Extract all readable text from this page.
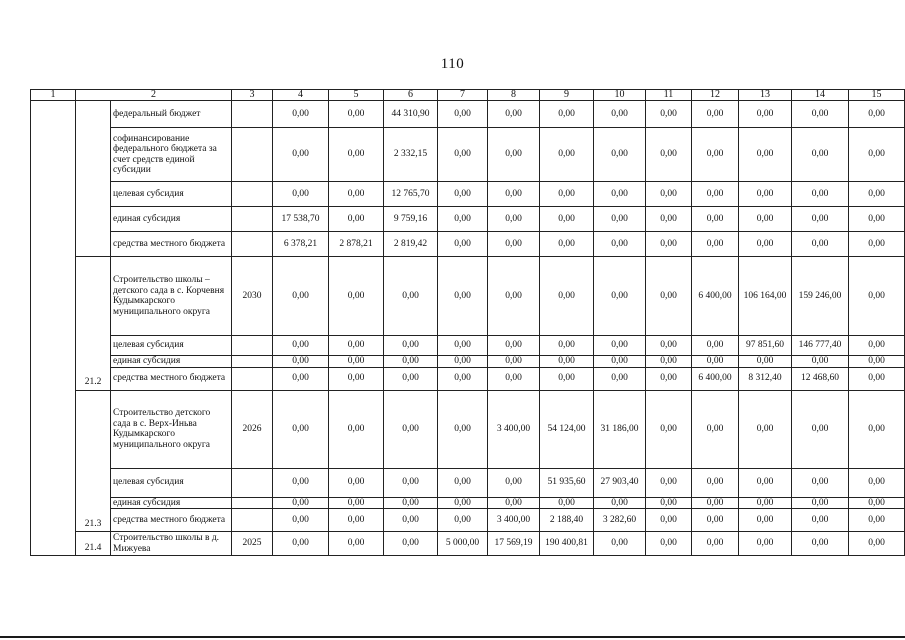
110
1	2		3	4	5	6	7	8	9	10	11	12	13	14	15
		федеральный бюджет		0,00	0,00	44 310,90	0,00	0,00	0,00	0,00	0,00	0,00	0,00	0,00	0,00
		софинансирование федерального бюджета за счет средств единой субсидии		0,00	0,00	2 332,15	0,00	0,00	0,00	0,00	0,00	0,00	0,00	0,00	0,00
		целевая субсидия		0,00	0,00	12 765,70	0,00	0,00	0,00	0,00	0,00	0,00	0,00	0,00	0,00
		единая субсидия		17 538,70	0,00	9 759,16	0,00	0,00	0,00	0,00	0,00	0,00	0,00	0,00	0,00
		средства местного бюджета		6 378,21	2 878,21	2 819,42	0,00	0,00	0,00	0,00	0,00	0,00	0,00	0,00	0,00
	21.2	Строительство школы – детского сада в с. Корчевня Кудымкарского муниципального округа	2030	0,00	0,00	0,00	0,00	0,00	0,00	0,00	0,00	6 400,00	106 164,00	159 246,00	0,00
		целевая субсидия		0,00	0,00	0,00	0,00	0,00	0,00	0,00	0,00	0,00	97 851,60	146 777,40	0,00
		единая субсидия		0,00	0,00	0,00	0,00	0,00	0,00	0,00	0,00	0,00	0,00	0,00	0,00
		средства местного бюджета		0,00	0,00	0,00	0,00	0,00	0,00	0,00	0,00	6 400,00	8 312,40	12 468,60	0,00
	21.3	Строительство детского сада в с. Верх-Иньва Кудымкарского муниципального округа	2026	0,00	0,00	0,00	0,00	3 400,00	54 124,00	31 186,00	0,00	0,00	0,00	0,00	0,00
		целевая субсидия		0,00	0,00	0,00	0,00	0,00	51 935,60	27 903,40	0,00	0,00	0,00	0,00	0,00
		единая субсидия		0,00	0,00	0,00	0,00	0,00	0,00	0,00	0,00	0,00	0,00	0,00	0,00
		средства местного бюджета		0,00	0,00	0,00	0,00	3 400,00	2 188,40	3 282,60	0,00	0,00	0,00	0,00	0,00
	21.4	Строительство школы в д. Мижуева	2025	0,00	0,00	0,00	5 000,00	17 569,19	190 400,81	0,00	0,00	0,00	0,00	0,00	0,00
